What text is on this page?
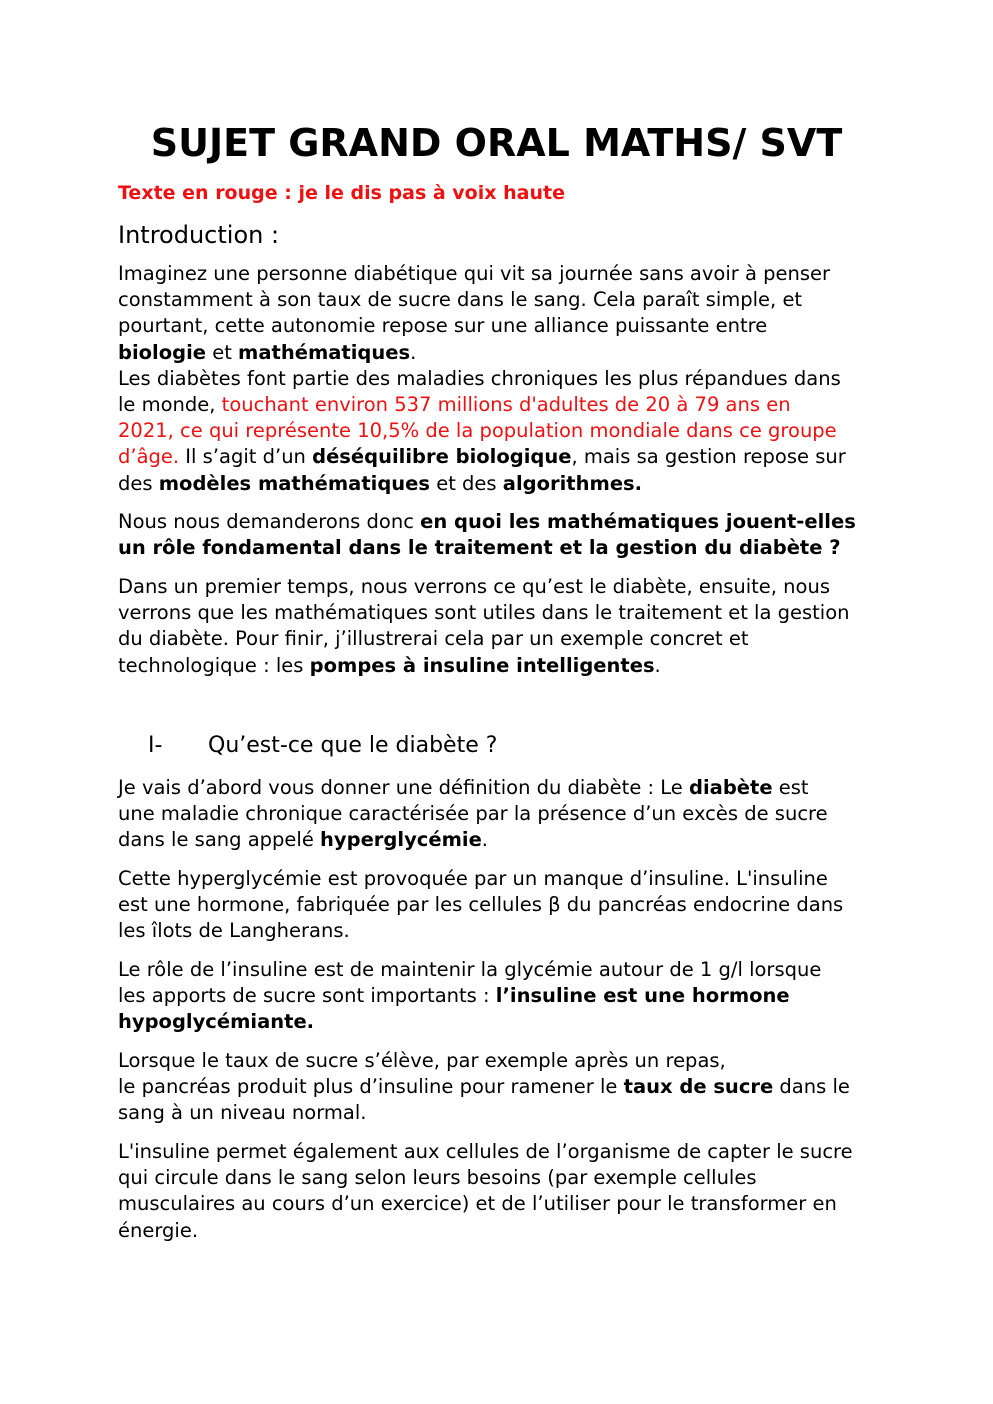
SUJET GRAND ORAL MATHS/ SVT
Texte en rouge : je le dis pas à voix haute
Introduction :
Imaginez une personne diabétique qui vit sa journée sans avoir à penser
constamment à son taux de sucre dans le sang. Cela paraît simple, et
pourtant, cette autonomie repose sur une alliance puissante entre
biologie et mathématiques.
Les diabètes font partie des maladies chroniques les plus répandues dans
le monde, touchant environ 537 millions d'adultes de 20 à 79 ans en
2021, ce qui représente 10,5% de la population mondiale dans ce groupe
d’âge. Il s’agit d’un déséquilibre biologique, mais sa gestion repose sur
des modèles mathématiques et des algorithmes.
Nous nous demanderons donc en quoi les mathématiques jouent-elles
un rôle fondamental dans le traitement et la gestion du diabète ?
Dans un premier temps, nous verrons ce qu’est le diabète, ensuite, nous
verrons que les mathématiques sont utiles dans le traitement et la gestion
du diabète. Pour finir, j’illustrerai cela par un exemple concret et
technologique : les pompes à insuline intelligentes.
I- Qu’est-ce que le diabète ?
Je vais d’abord vous donner une définition du diabète : Le diabète est
une maladie chronique caractérisée par la présence d’un excès de sucre
dans le sang appelé hyperglycémie.
Cette hyperglycémie est provoquée par un manque d’insuline. L'insuline
est une hormone, fabriquée par les cellules β du pancréas endocrine dans
les îlots de Langherans.
Le rôle de l’insuline est de maintenir la glycémie autour de 1 g/l lorsque
les apports de sucre sont importants : l’insuline est une hormone
hypoglycémiante.
Lorsque le taux de sucre s’élève, par exemple après un repas,
le pancréas produit plus d’insuline pour ramener le taux de sucre dans le
sang à un niveau normal.
L'insuline permet également aux cellules de l’organisme de capter le sucre
qui circule dans le sang selon leurs besoins (par exemple cellules
musculaires au cours d’un exercice) et de l’utiliser pour le transformer en
énergie.
